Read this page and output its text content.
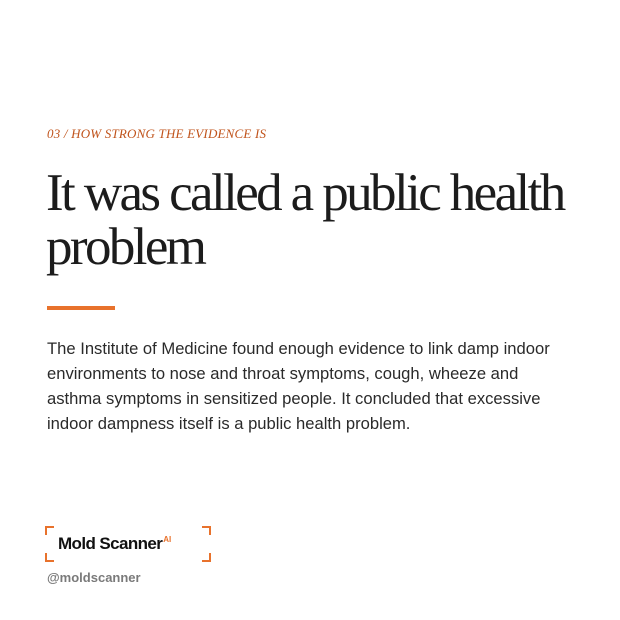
03 / HOW STRONG THE EVIDENCE IS
It was called a public health problem

The Institute of Medicine found enough evidence to link damp indoor environments to nose and throat symptoms, cough, wheeze and asthma symptoms in sensitized people. It concluded that excessive indoor dampness itself is a public health problem.

Mold Scanner$^{AI}$
@moldscanner
